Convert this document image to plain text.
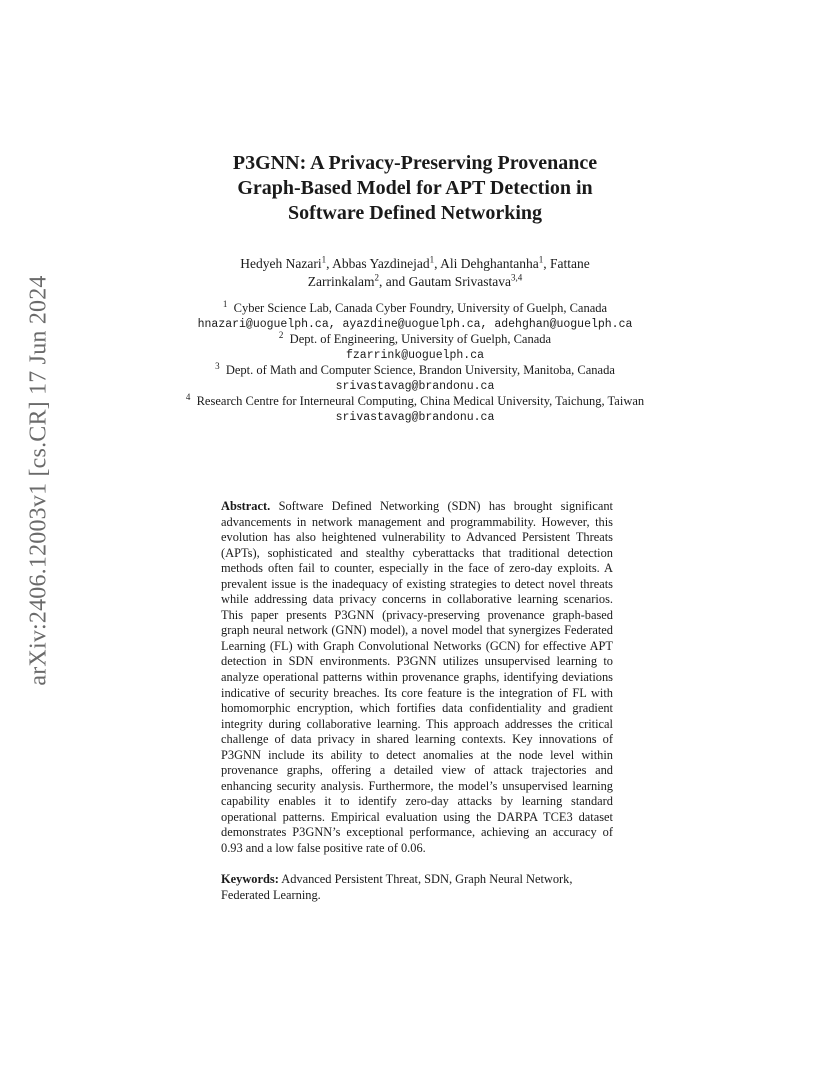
arXiv:2406.12003v1 [cs.CR] 17 Jun 2024
P3GNN: A Privacy-Preserving Provenance
Graph-Based Model for APT Detection in
Software Defined Networking
Hedyeh Nazari$^1$, Abbas Yazdinejad$^1$, Ali Dehghantanha$^1$, Fattane
Zarrinkalam$^2$, and Gautam Srivastava$^{3,4}$
$^1$ Cyber Science Lab, Canada Cyber Foundry, University of Guelph, Canada
hnazari@uoguelph.ca, ayazdine@uoguelph.ca, adehghan@uoguelph.ca
$^2$ Dept. of Engineering, University of Guelph, Canada
fzarrink@uoguelph.ca
$^3$ Dept. of Math and Computer Science, Brandon University, Manitoba, Canada
srivastavag@brandonu.ca
$^4$ Research Centre for Interneural Computing, China Medical University, Taichung, Taiwan
srivastavag@brandonu.ca

Abstract. Software Defined Networking (SDN) has brought significant advancements in network management and programmability. However, this evolution has also heightened vulnerability to Advanced Persistent Threats (APTs), sophisticated and stealthy cyberattacks that traditional detection methods often fail to counter, especially in the face of zero-day exploits. A prevalent issue is the inadequacy of existing strategies to detect novel threats while addressing data privacy concerns in collaborative learning scenarios. This paper presents P3GNN (privacy-preserving provenance graph-based graph neural network (GNN) model), a novel model that synergizes Federated Learning (FL) with Graph Convolutional Networks (GCN) for effective APT detection in SDN environments. P3GNN utilizes unsupervised learning to analyze operational patterns within provenance graphs, identifying deviations indicative of security breaches. Its core feature is the integration of FL with homomorphic encryption, which fortifies data confidentiality and gradient integrity during collaborative learning. This approach addresses the critical challenge of data privacy in shared learning contexts. Key innovations of P3GNN include its ability to detect anomalies at the node level within provenance graphs, offering a detailed view of attack trajectories and enhancing security analysis. Furthermore, the model’s unsupervised learning capability enables it to identify zero-day attacks by learning standard operational patterns. Empirical evaluation using the DARPA TCE3 dataset demonstrates P3GNN’s exceptional performance, achieving an accuracy of 0.93 and a low false positive rate of 0.06.

Keywords: Advanced Persistent Threat, SDN, Graph Neural Network, Federated Learning.
